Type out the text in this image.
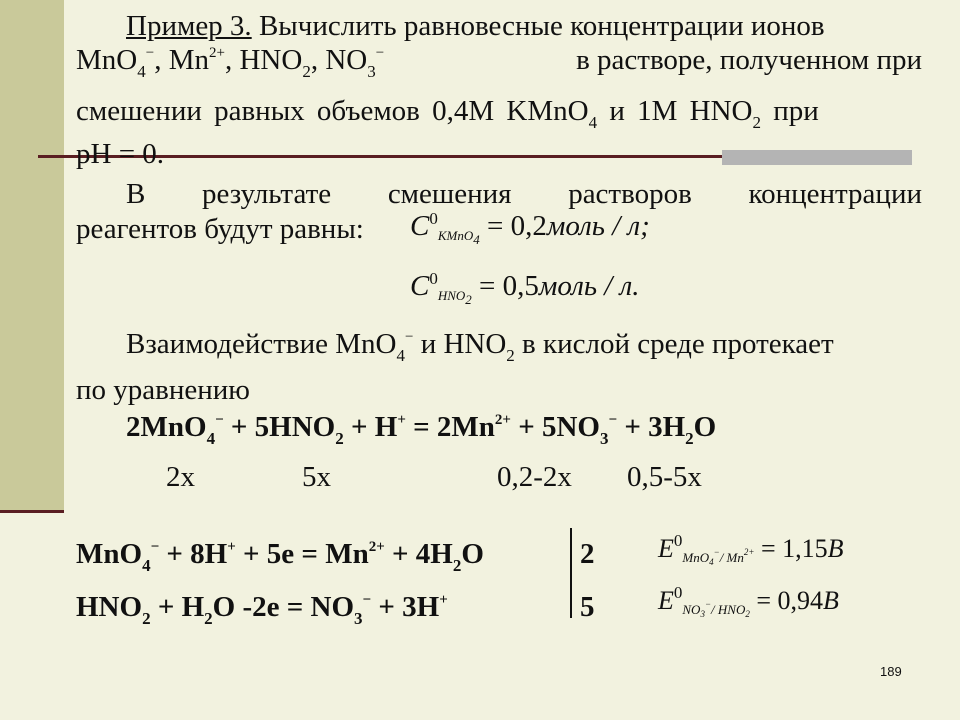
Пример 3. Вычислить равновесные концентрации ионов
MnO$_4$−, $Mn^{2+}$, $HNO_2$, $NO_3^-$	в растворе, полученном при
смешении равных объемов 0,4М KMnO$_4$ и 1М $HNO_2$ при
pH = 0.
В результате смешения растворов концентрации
реагентов будут равны: $C^0KMnO_4$ = 0,2моль / л;
$C^0HNO_2$ = 0,5моль / л.
Взаимодействие MnO$_4$− и $HNO_2$ в кислой среде протекает
по уравнению
$2MnO_4^- + 5HNO_2 + H^+ = 2Mn^{2+} + 5NO_3^- + 3H_2O$
2x	5x	0,2-2x 0,5-5x
$MnO_4^- + 8H^+ + 5e = Mn^{2+} + 4H_2O$	2
$HNO_2 + H_2O$ $-2e = NO_3^- + 3H^+$	5
$E^0MnO_4-/$ Mn2+ = 1,15B
$E^0NO_3-/$ $HNO_2 = 0,94B$
189
